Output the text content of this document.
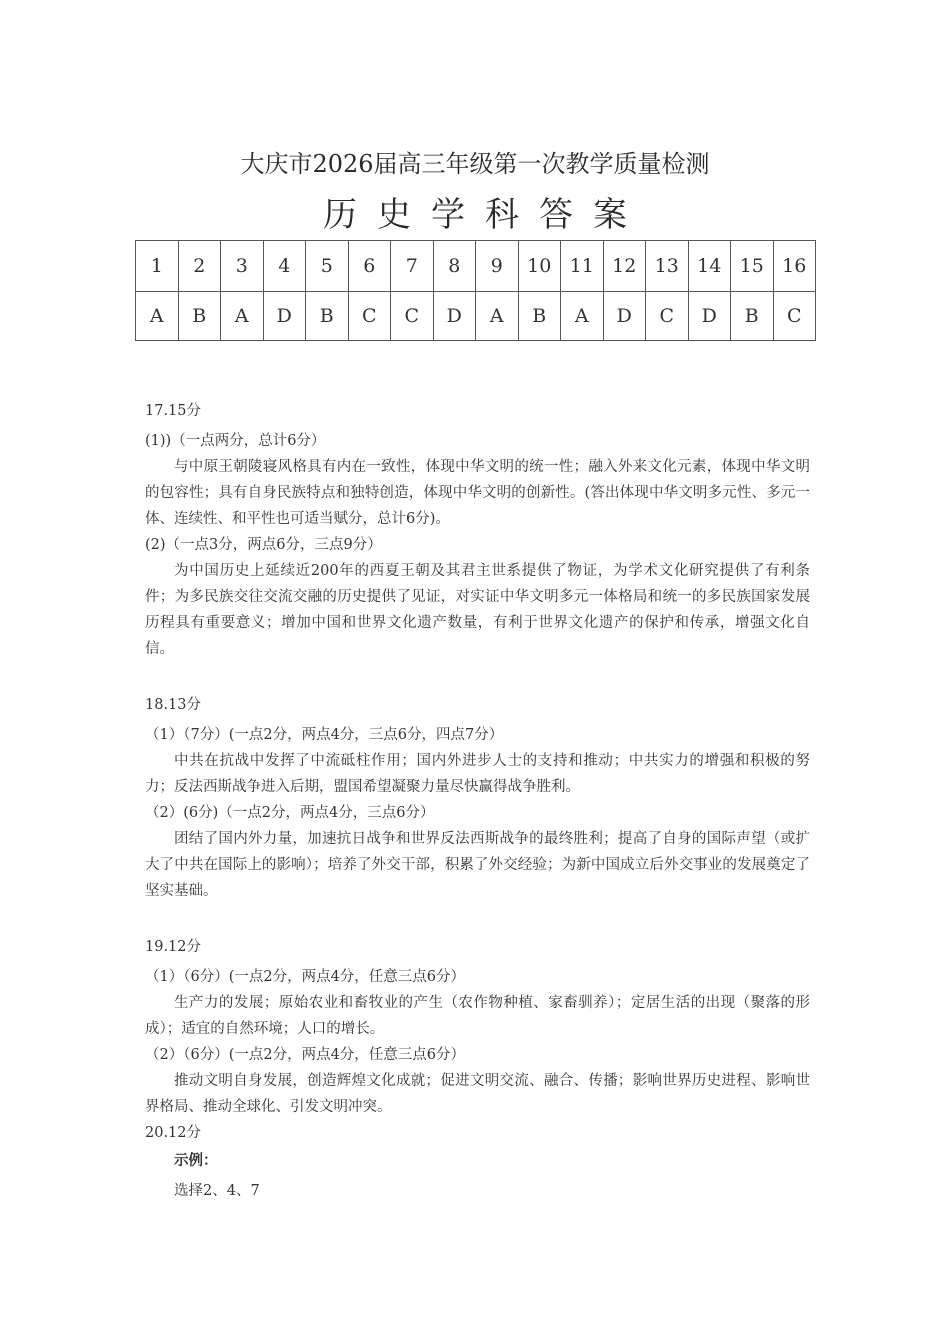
大庆市2026届高三年级第一次教学质量检测
历史学科答案
1	2	3	4	5	6	7	8	9	10	11	12	13	14	15	16
A	B	A	D	B	C	C	D	A	B	A	D	C	D	B	C
17.15分
(1))（一点两分，总计6分）

与中原王朝陵寝风格具有内在一致性，体现中华文明的统一性；融入外来文化元素，体现中华文明的包容性；具有自身民族特点和独特创造，体现中华文明的创新性。(答出体现中华文明多元性、多元一体、连续性、和平性也可适当赋分，总计6分)。

(2)（一点3分，两点6分，三点9分）

为中国历史上延续近200年的西夏王朝及其君主世系提供了物证，为学术文化研究提供了有利条件；为多民族交往交流交融的历史提供了见证，对实证中华文明多元一体格局和统一的多民族国家发展历程具有重要意义；增加中国和世界文化遗产数量，有利于世界文化遗产的保护和传承，增强文化自信。

18.13分
（1）（7分）(一点2分，两点4分，三点6分，四点7分）

中共在抗战中发挥了中流砥柱作用；国内外进步人士的支持和推动；中共实力的增强和积极的努力；反法西斯战争进入后期，盟国希望凝聚力量尽快赢得战争胜利。

（2）(6分)（一点2分，两点4分，三点6分）

团结了国内外力量，加速抗日战争和世界反法西斯战争的最终胜利；提高了自身的国际声望（或扩大了中共在国际上的影响）；培养了外交干部，积累了外交经验；为新中国成立后外交事业的发展奠定了坚实基础。

19.12分
（1）（6分）(一点2分，两点4分，任意三点6分）

生产力的发展；原始农业和畜牧业的产生（农作物种植、家畜驯养）；定居生活的出现（聚落的形成）；适宜的自然环境；人口的增长。

（2）（6分）(一点2分，两点4分，任意三点6分）

推动文明自身发展，创造辉煌文化成就；促进文明交流、融合、传播；影响世界历史进程、影响世界格局、推动全球化、引发文明冲突。

20.12分
示例：
选择2、4、7
